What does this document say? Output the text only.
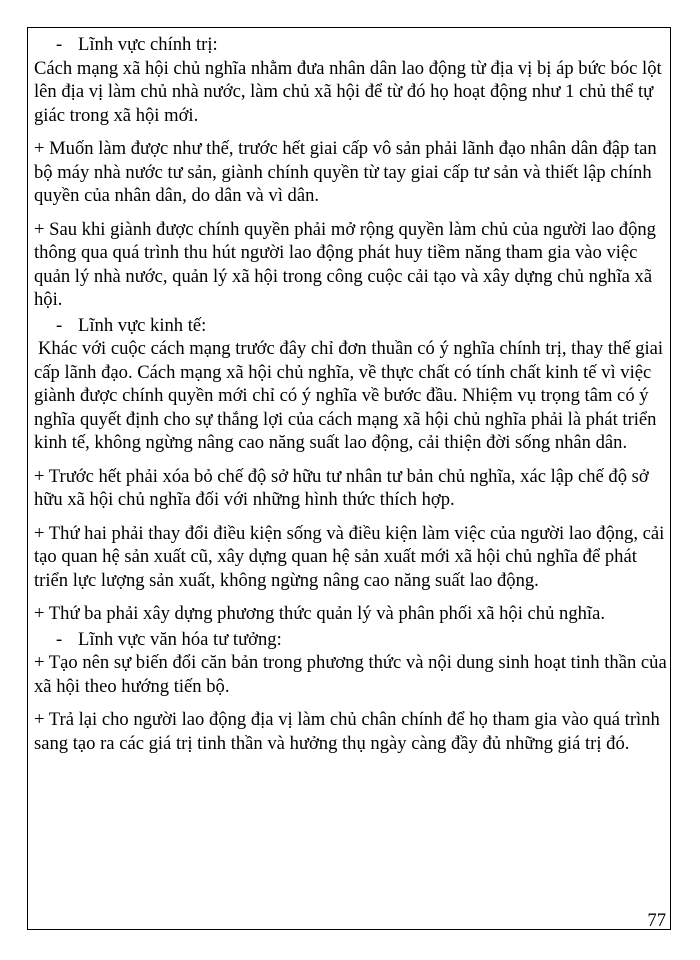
- Lĩnh vực chính trị:

Cách mạng xã hội chủ nghĩa nhằm đưa nhân dân lao động từ địa vị bị áp bức bóc lột lên địa vị làm chủ nhà nước, làm chủ xã hội để từ đó họ hoạt động như 1 chủ thể tự giác trong xã hội mới.

+ Muốn làm được như thế, trước hết giai cấp vô sản phải lãnh đạo nhân dân đập tan bộ máy nhà nước tư sản, giành chính quyền từ tay giai cấp tư sản và thiết lập chính quyền của nhân dân, do dân và vì dân.

+ Sau khi giành được chính quyền phải mở rộng quyền làm chủ của người lao động thông qua quá trình thu hút người lao động phát huy tiềm năng tham gia vào việc quản lý nhà nước, quản lý xã hội trong công cuộc cải tạo và xây dựng chủ nghĩa xã hội.

- Lĩnh vực kinh tế:

Khác với cuộc cách mạng trước đây chỉ đơn thuần có ý nghĩa chính trị, thay thế giai cấp lãnh đạo. Cách mạng xã hội chủ nghĩa, về thực chất có tính chất kinh tế vì việc giành được chính quyền mới chỉ có ý nghĩa về bước đầu. Nhiệm vụ trọng tâm có ý nghĩa quyết định cho sự thắng lợi của cách mạng xã hội chủ nghĩa phải là phát triển kinh tế, không ngừng nâng cao năng suất lao động, cải thiện đời sống nhân dân.

+ Trước hết phải xóa bỏ chế độ sở hữu tư nhân tư bản chủ nghĩa, xác lập chế độ sở hữu xã hội chủ nghĩa đối với những hình thức thích hợp.

+ Thứ hai phải thay đổi điều kiện sống và điều kiện làm việc của người lao động, cải tạo quan hệ sản xuất cũ, xây dựng quan hệ sản xuất mới xã hội chủ nghĩa để phát triển lực lượng sản xuất, không ngừng nâng cao năng suất lao động.

+ Thứ ba phải xây dựng phương thức quản lý và phân phối xã hội chủ nghĩa.

- Lĩnh vực văn hóa tư tưởng:

+ Tạo nên sự biến đổi căn bản trong phương thức và nội dung sinh hoạt tinh thần của xã hội theo hướng tiến bộ.

+ Trả lại cho người lao động địa vị làm chủ chân chính để họ tham gia vào quá trình sang tạo ra các giá trị tinh thần và hưởng thụ ngày càng đầy đủ những giá trị đó.

77
